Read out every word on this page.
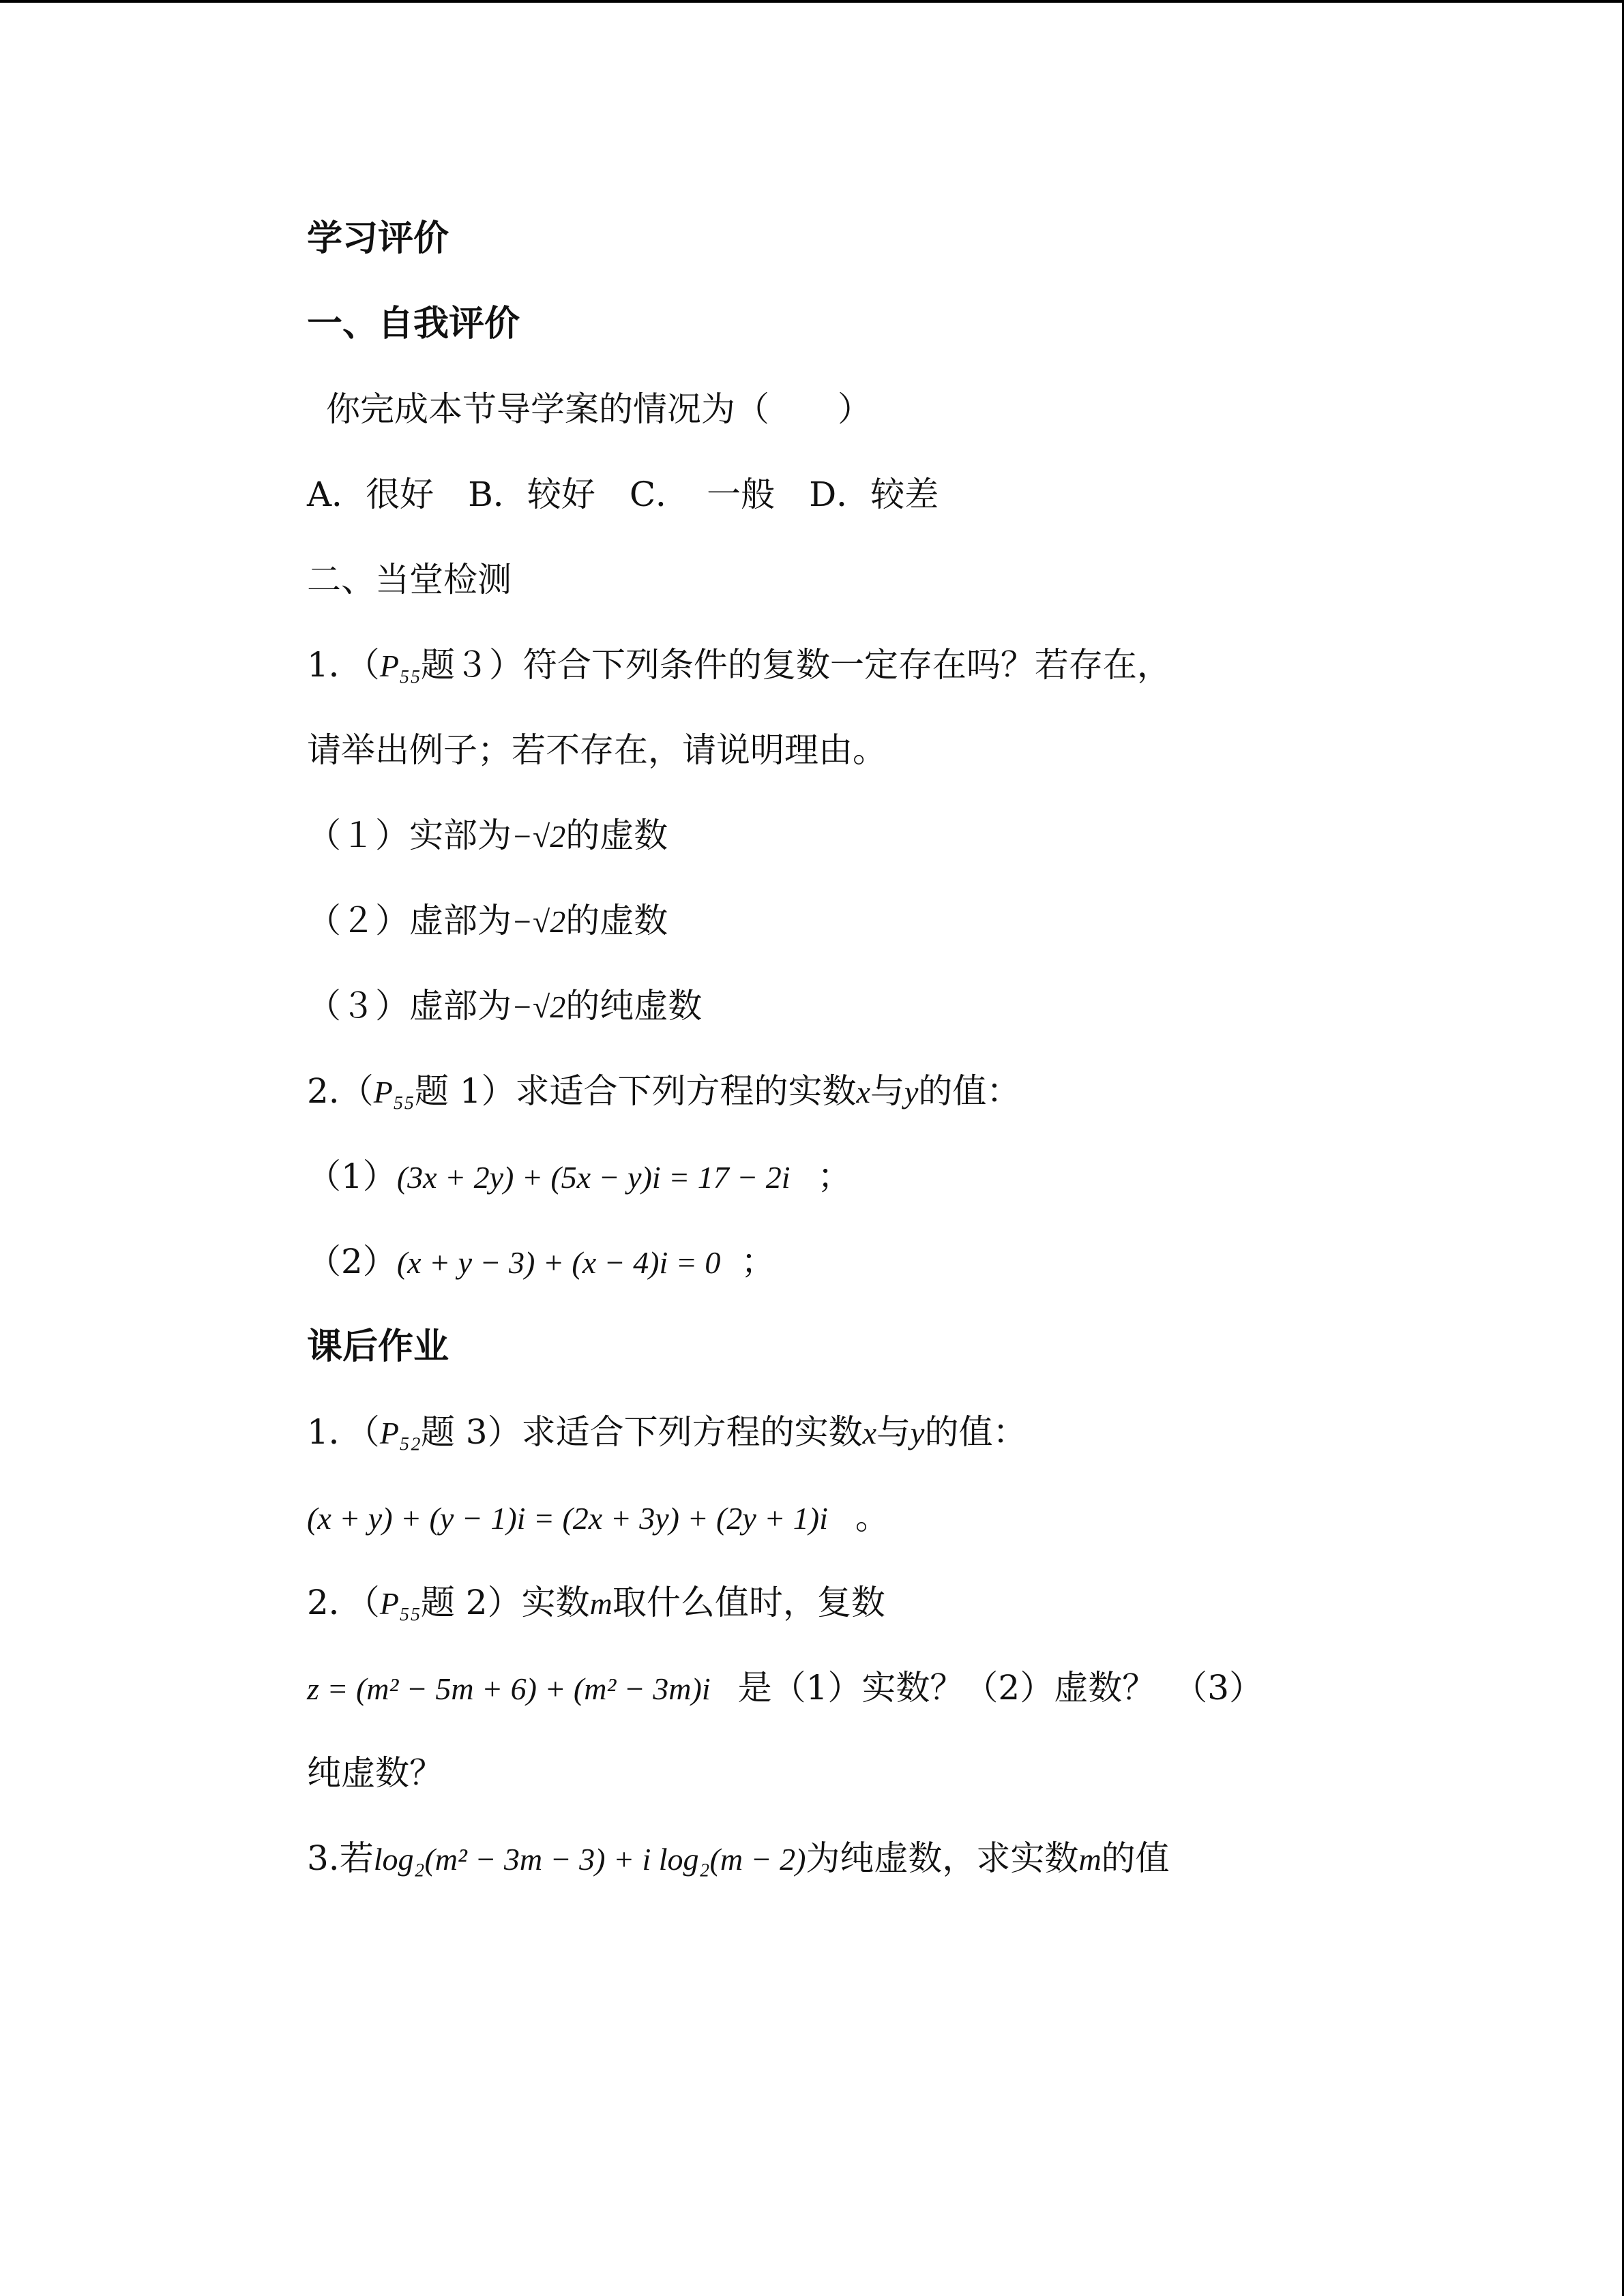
学习评价
一、自我评价
你完成本节导学案的情况为（　　）
A．很好　B．较好　C．　一般　D．较差
二、当堂检测
1．（P₅₅题３）符合下列条件的复数一定存在吗？若存在，
请举出例子；若不存在，请说明理由。
（１）实部为−√2的虚数
（２）虚部为−√2的虚数
（３）虚部为−√2的纯虚数
2.（P₅₅题 1）求适合下列方程的实数x与y的值：
（1）(3x + 2y) + (5x − y)i = 17 − 2i ；
（2）(x + y − 3) + (x − 4)i = 0 ；
课后作业
1．（P₅₂题 3）求适合下列方程的实数x与y的值：
(x + y) + (y − 1)i = (2x + 3y) + (2y + 1)i 。
2．（P₅₅题 2）实数m取什么值时，复数
z = (m² − 5m + 6) + (m² − 3m)i 是（1）实数？（2）虚数？　（3）
纯虚数？
3.若log₂(m² − 3m − 3) + i log₂(m − 2)为纯虚数，求实数m的值
